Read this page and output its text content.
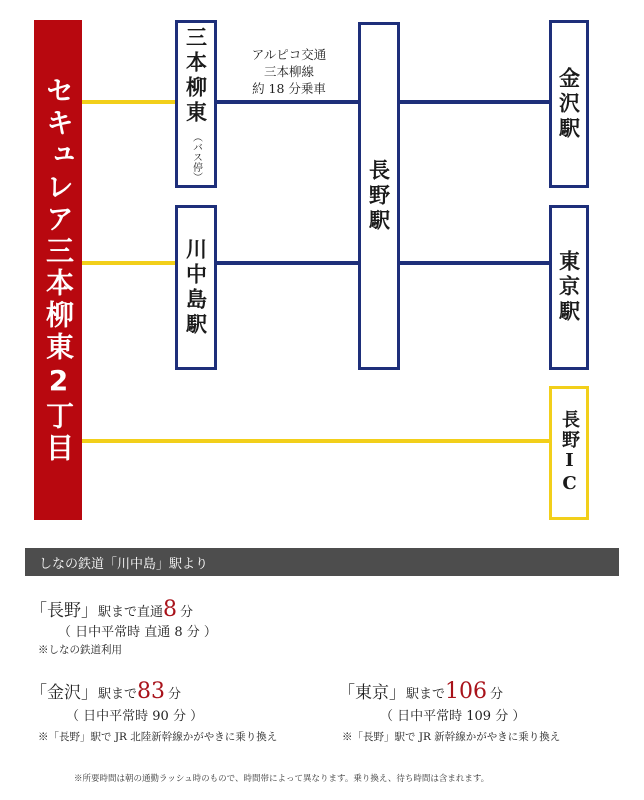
セキュレア三本柳東2丁目	三本柳東
（バス停）
川中島駅
長野駅
金沢駅
東京駅
長野IC
アルピコ交通
三本柳線
約 18 分乗車
しなの鉄道「川中島」駅より
「長野」駅まで直通8 分
（ 日中平常時 直通 8 分 ）
※しなの鉄道利用
「金沢」駅まで83 分
（ 日中平常時 90 分 ）
※「長野」駅で JR 北陸新幹線かがやきに乗り換え
「東京」駅まで106 分
（ 日中平常時 109 分 ）
※「長野」駅で JR 新幹線かがやきに乗り換え
※所要時間は朝の通勤ラッシュ時のもので、時間帯によって異なります。乗り換え、待ち時間は含まれます。
